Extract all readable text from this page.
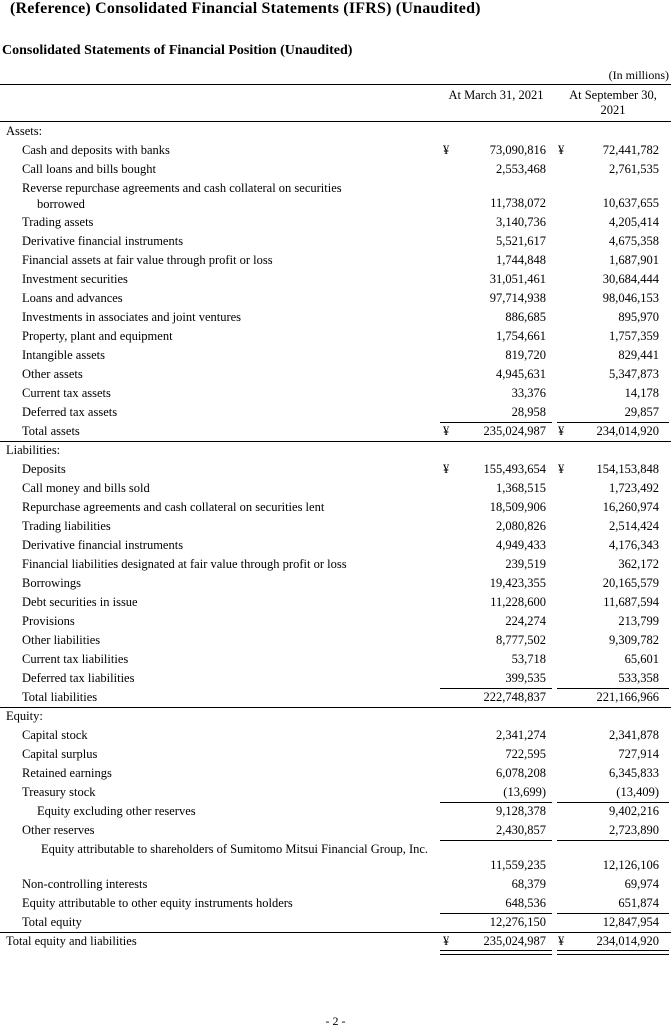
(Reference) Consolidated Financial Statements (IFRS) (Unaudited)
Consolidated Statements of Financial Position (Unaudited)
(In millions)
At March 31, 2021	At September 30, 2021
Assets:
Cash and deposits with banks	73,090,816	72,441,782
¥	¥
Call loans and bills bought	2,553,468	2,761,535
Reverse repurchase agreements and cash collateral on securities
borrowed	11,738,072	10,637,655
Trading assets	3,140,736	4,205,414
Derivative financial instruments	5,521,617	4,675,358
Financial assets at fair value through profit or loss	1,744,848	1,687,901
Investment securities	31,051,461	30,684,444
Loans and advances	97,714,938	98,046,153
Investments in associates and joint ventures	886,685	895,970
Property, plant and equipment	1,754,661	1,757,359
Intangible assets	819,720	829,441
Other assets	4,945,631	5,347,873
Current tax assets	33,376	14,178
Deferred tax assets	28,958	29,857
Total assets	235,024,987	234,014,920
¥	¥
Liabilities:
Deposits	155,493,654	154,153,848
¥	¥
Call money and bills sold	1,368,515	1,723,492
Repurchase agreements and cash collateral on securities lent	18,509,906	16,260,974
Trading liabilities	2,080,826	2,514,424
Derivative financial instruments	4,949,433	4,176,343
Financial liabilities designated at fair value through profit or loss	239,519	362,172
Borrowings	19,423,355	20,165,579
Debt securities in issue	11,228,600	11,687,594
Provisions	224,274	213,799
Other liabilities	8,777,502	9,309,782
Current tax liabilities	53,718	65,601
Deferred tax liabilities	399,535	533,358
Total liabilities	222,748,837	221,166,966
Equity:
Capital stock	2,341,274	2,341,878
Capital surplus	722,595	727,914
Retained earnings	6,078,208	6,345,833
Treasury stock	(13,699)	(13,409)
Equity excluding other reserves	9,128,378	9,402,216
Other reserves	2,430,857	2,723,890
Equity attributable to shareholders of Sumitomo Mitsui Financial Group, Inc.
11,559,235	12,126,106
Non-controlling interests	68,379	69,974
Equity attributable to other equity instruments holders	648,536	651,874
Total equity	12,276,150	12,847,954
Total equity and liabilities	235,024,987	234,014,920
¥	¥
- 2 -
